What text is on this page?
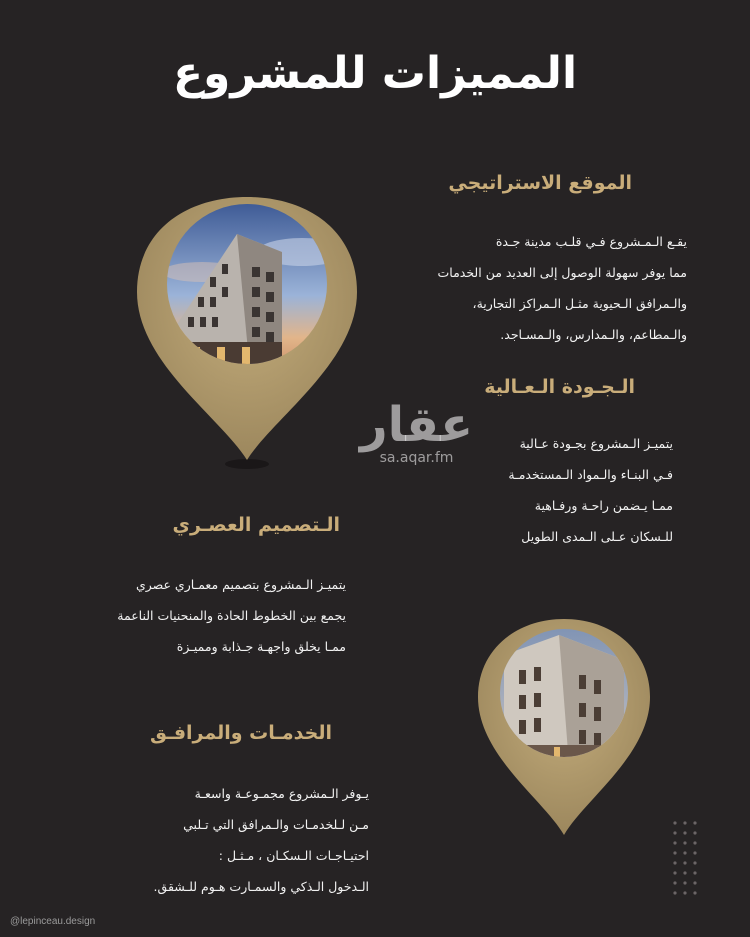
المميزات للمشروع
الموقع الاستراتيجي
يقـع الـمـشروع فـي قلـب مدينة جـدة
مما يوفر سهولة الوصول إلى العديد من الخدمات
والـمرافق الـحيوية مثـل الـمراكز التجارية،
والـمطاعم، والـمدارس، والـمسـاجد.
الـجـودة الـعـالية
يتميـز الـمشروع بجـودة عـالية
فـي البنـاء والـمواد الـمستخدمـة
ممـا يـضمن راحـة ورفـاهية
للـسكان عـلى الـمدى الطويل
الـتصميم العصـري
يتميـز الـمشروع بتصميم معمـاري عصري
يجمع بين الخطوط الحادة والمنحنيات الناعمة
ممـا يخلق واجهـة جـذابة ومميـزة
الخدمـات والمرافـق
يـوفر الـمشروع مجمـوعـة واسعـة
مـن لـلخدمـات والـمرافق التي تـلبي
احتيـاجـات الـسكـان ، مـثـل :
الـدخول الـذكي والسمـارت هـوم للـشقق.
عقار
sa.aqar.fm
@lepinceau.design
